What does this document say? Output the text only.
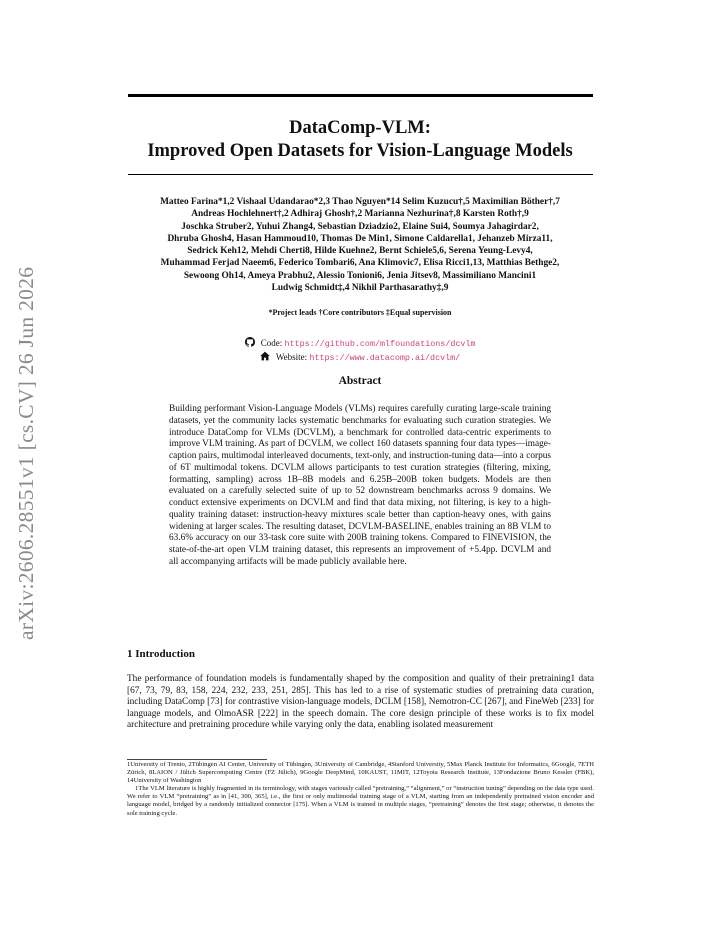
arXiv:2606.28551v1 [cs.CV] 26 Jun 2026
DataComp-VLM:
Improved Open Datasets for Vision-Language Models
Matteo Farina*1,2 Vishaal Udandarao*2,3 Thao Nguyen*14 Selim Kuzucu†,5 Maximilian Böther†,7
Andreas Hochlehnert†,2 Adhiraj Ghosh†,2 Marianna Nezhurina†,8 Karsten Roth†,9
Joschka Struber2, Yuhui Zhang4, Sebastian Dziadzio2, Elaine Sui4, Soumya Jahagirdar2,
Dhruba Ghosh4, Hasan Hammoud10, Thomas De Min1, Simone Caldarella1, Jehanzeb Mirza11,
Sedrick Keh12, Mehdi Cherti8, Hilde Kuehne2, Bernt Schiele5,6, Serena Yeung-Levy4,
Muhammad Ferjad Naeem6, Federico Tombari6, Ana Klimovic7, Elisa Ricci1,13, Matthias Bethge2,
Sewoong Oh14, Ameya Prabhu2, Alessio Tonioni6, Jenia Jitsev8, Massimiliano Mancini1
Ludwig Schmidt‡,4 Nikhil Parthasarathy‡,9
*Project leads †Core contributors ‡Equal supervision
Code: https://github.com/mlfoundations/dcvlm
Website: https://www.datacomp.ai/dcvlm/
Abstract
Building performant Vision-Language Models (VLMs) requires carefully curating large-scale training datasets, yet the community lacks systematic benchmarks for evaluating such curation strategies. We introduce DataComp for VLMs (DCVLM), a benchmark for controlled data-centric experiments to improve VLM training. As part of DCVLM, we collect 160 datasets spanning four data types—image-caption pairs, multimodal interleaved documents, text-only, and instruction-tuning data—into a corpus of 6T multimodal tokens. DCVLM allows participants to test curation strategies (filtering, mixing, formatting, sampling) across 1B–8B models and 6.25B–200B token budgets. Models are then evaluated on a carefully selected suite of up to 52 downstream benchmarks across 9 domains. We conduct extensive experiments on DCVLM and find that data mixing, not filtering, is key to a high-quality training dataset: instruction-heavy mixtures scale better than caption-heavy ones, with gains widening at larger scales. The resulting dataset, DCVLM-BASELINE, enables training an 8B VLM to 63.6% accuracy on our 33-task core suite with 200B training tokens. Compared to FINEVISION, the state-of-the-art open VLM training dataset, this represents an improvement of +5.4pp. DCVLM and all accompanying artifacts will be made publicly available here.
1 Introduction
The performance of foundation models is fundamentally shaped by the composition and quality of their pretraining1 data [67, 73, 79, 83, 158, 224, 232, 233, 251, 285]. This has led to a rise of systematic studies of pretraining data curation, including DataComp [73] for contrastive vision-language models, DCLM [158], Nemotron-CC [267], and FineWeb [233] for language models, and OlmoASR [222] in the speech domain. The core design principle of these works is to fix model architecture and pretraining procedure while varying only the data, enabling isolated measurement
1University of Trento, 2Tübingen AI Center, University of Tübingen, 3University of Cambridge, 4Stanford University, 5Max Planck Institute for Informatics, 6Google, 7ETH Zürich, 8LAION / Jülich Supercomputing Centre (FZ Jülich), 9Google DeepMind, 10KAUST, 11MIT, 12Toyota Research Institute, 13Fondazione Bruno Kessler (FBK), 14University of Washington
1The VLM literature is highly fragmented in its terminology, with stages variously called “pretraining,” “alignment,” or “instruction tuning” depending on the data type used. We refer to VLM “pretraining” as in [41, 300, 365], i.e., the first or only multimodal training stage of a VLM, starting from an independently pretrained vision encoder and language model, bridged by a randomly initialized connector [175]. When a VLM is trained in multiple stages, “pretraining” denotes the first stage; otherwise, it denotes the sole training cycle.
